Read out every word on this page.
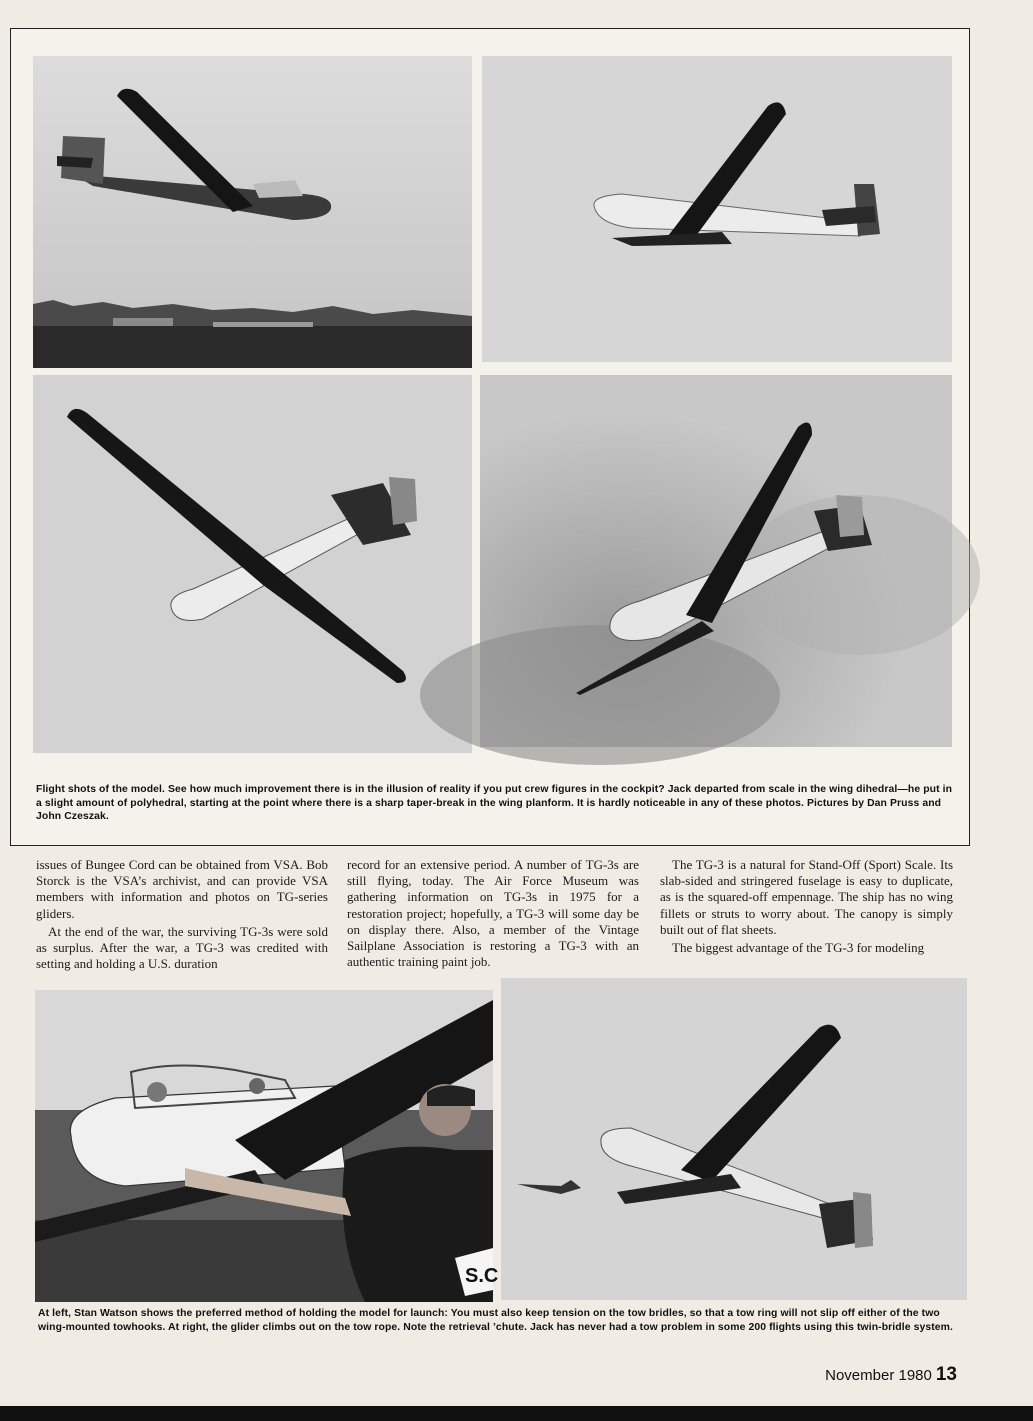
Flight shots of the model. See how much improvement there is in the illusion of reality if you put crew figures in the cockpit? Jack departed from scale in the wing dihedral—he put in a slight amount of polyhedral, starting at the point where there is a sharp taper-break in the wing planform. It is hardly noticeable in any of these photos. Pictures by Dan Pruss and John Czeszak.

issues of Bungee Cord can be obtained from VSA. Bob Storck is the VSA’s archivist, and can provide VSA members with information and photos on TG-series gliders.

At the end of the war, the surviving TG-3s were sold as surplus. After the war, a TG-3 was credited with setting and holding a U.S. duration

record for an extensive period. A number of TG-3s are still flying, today. The Air Force Museum was gathering information on TG-3s in 1975 for a restoration project; hopefully, a TG-3 will some day be on display there. Also, a member of the Vintage Sailplane Association is restoring a TG-3 with an authentic training paint job.

The TG-3 is a natural for Stand-Off (Sport) Scale. Its slab-sided and stringered fuselage is easy to duplicate, as is the squared-off empennage. The ship has no wing fillets or struts to worry about. The canopy is simply built out of flat sheets.

The biggest advantage of the TG-3 for modeling

S.C
At left, Stan Watson shows the preferred method of holding the model for launch: You must also keep tension on the tow bridles, so that a tow ring will not slip off either of the two wing-mounted towhooks. At right, the glider climbs out on the tow rope. Note the retrieval ’chute. Jack has never had a tow problem in some 200 flights using this twin-bridle system.
November 1980 13
